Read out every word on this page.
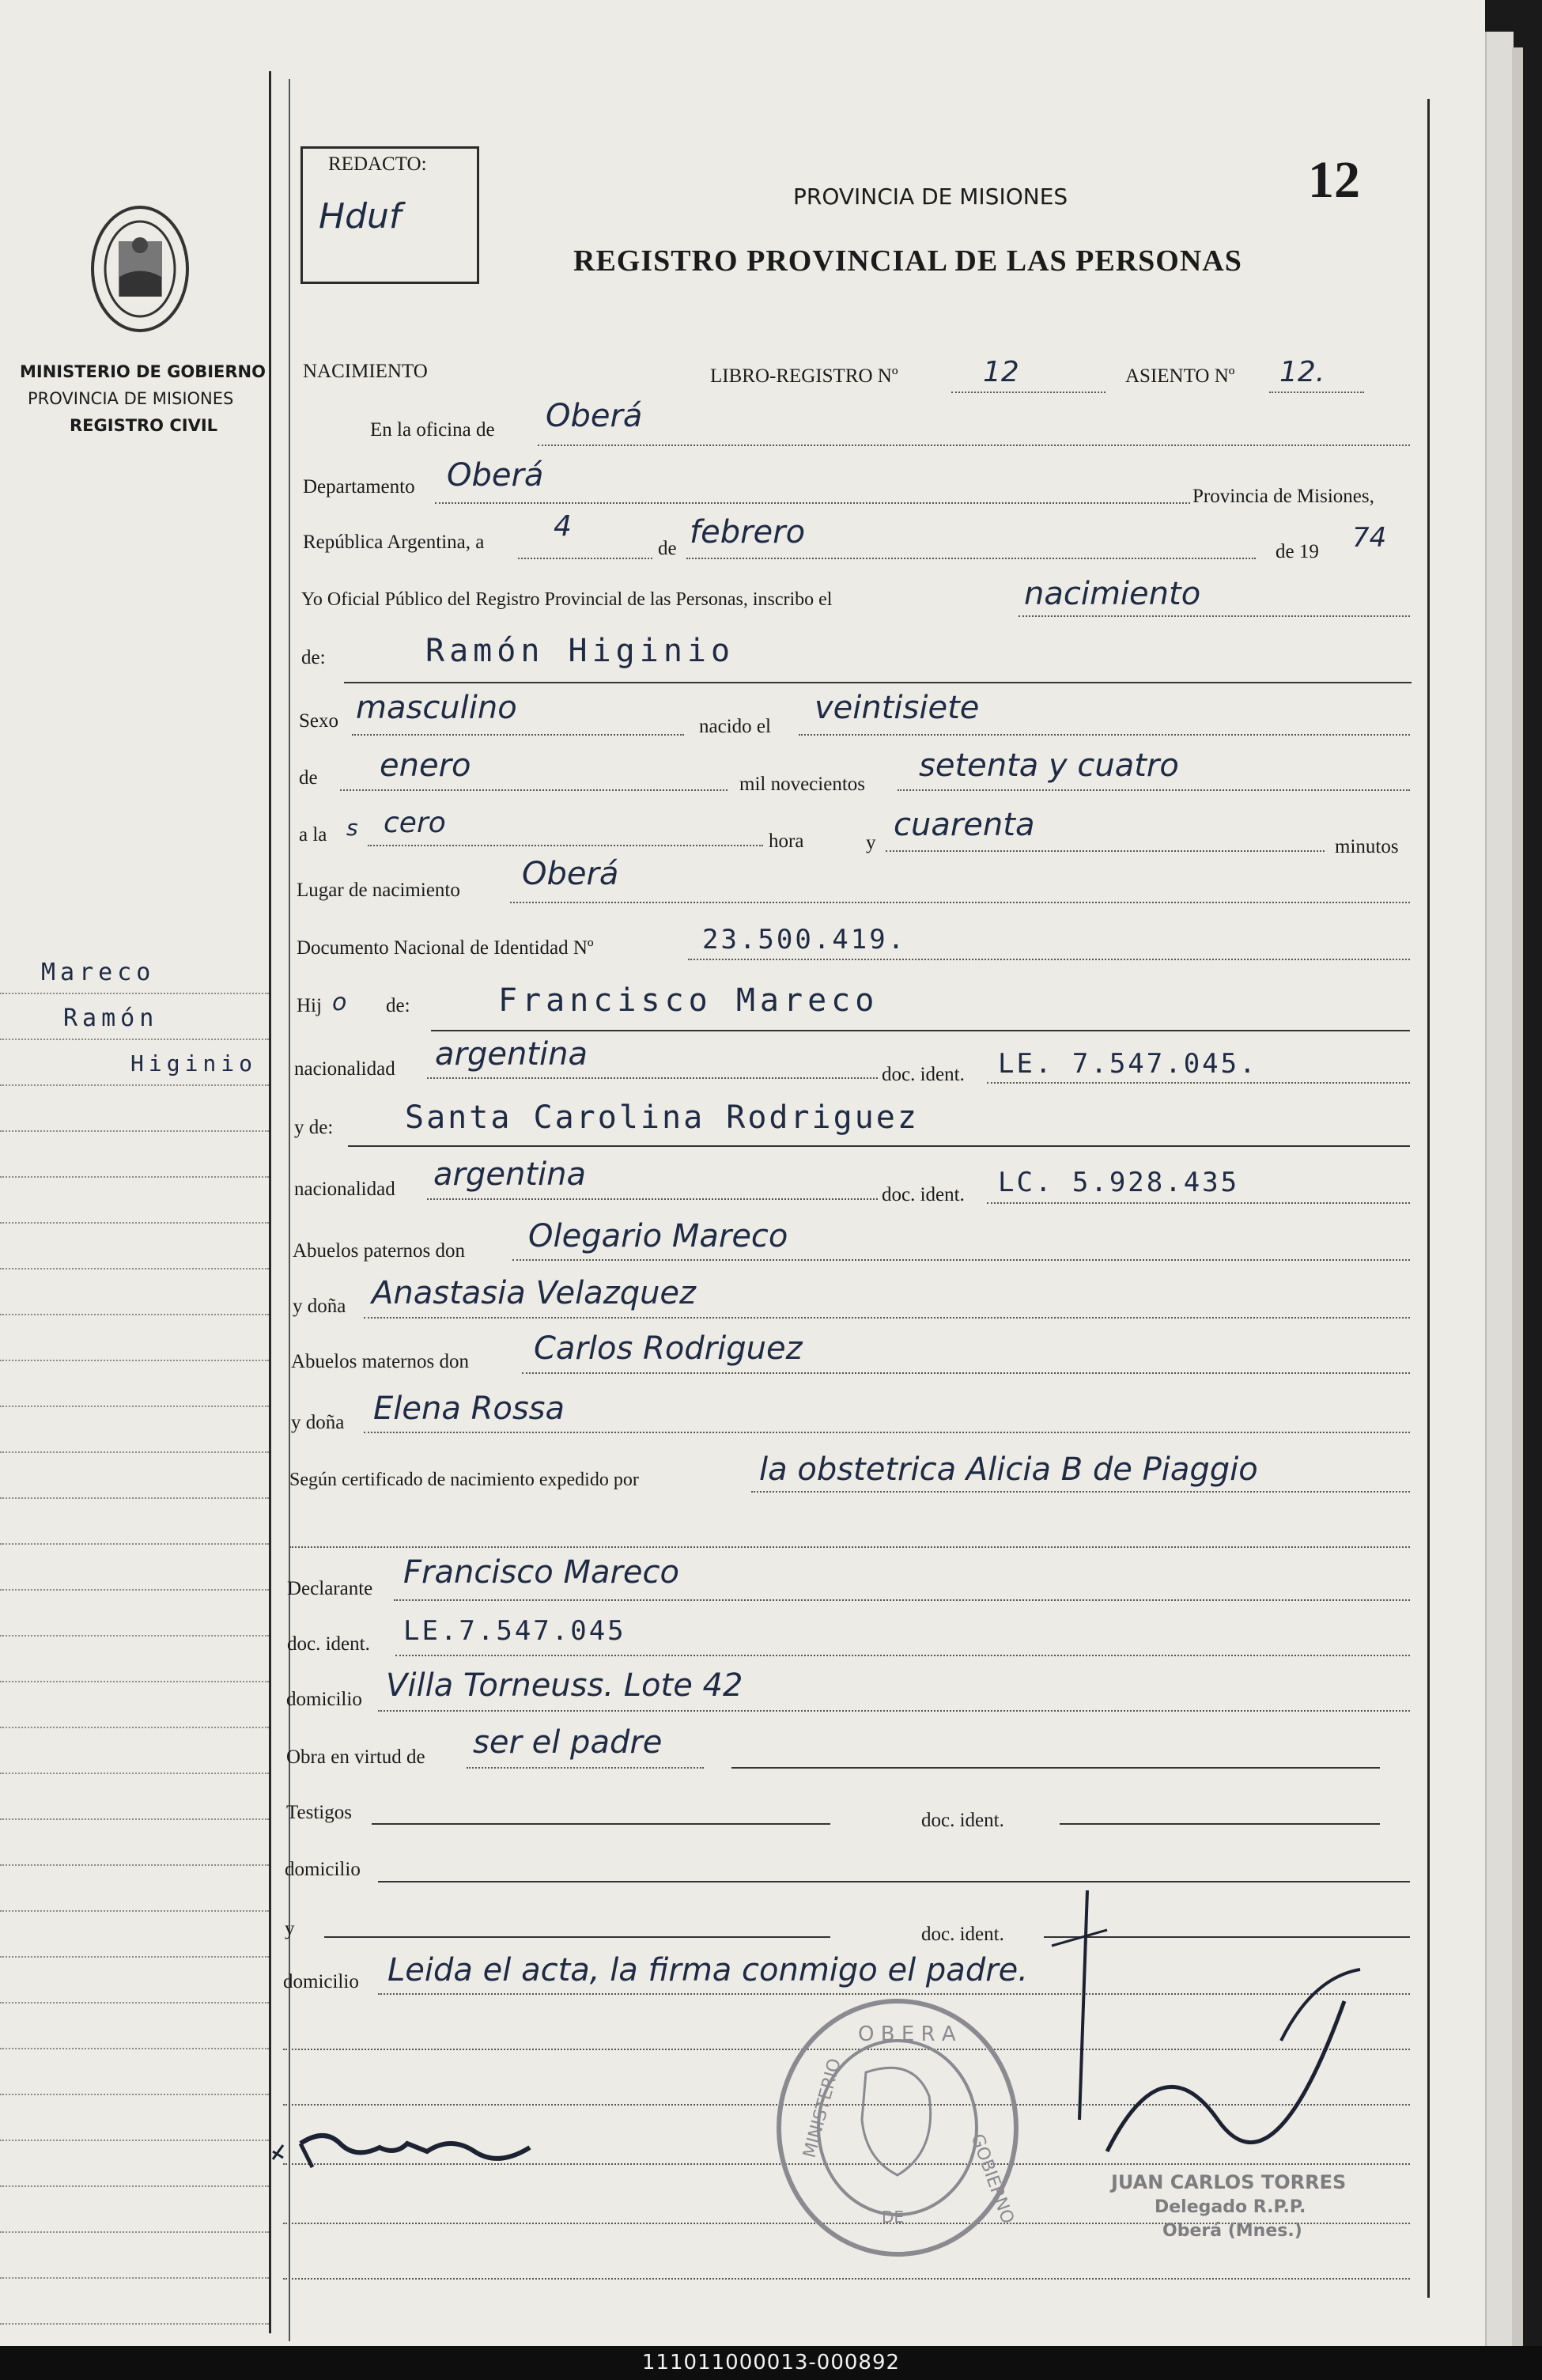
REDACTO:
Hduf
12
PROVINCIA DE MISIONES
REGISTRO PROVINCIAL DE LAS PERSONAS
MINISTERIO DE GOBIERNO
PROVINCIA DE MISIONES
REGISTRO CIVIL
Mareco
Ramón
Higinio
NACIMIENTO	LIBRO-REGISTRO Nº	12	ASIENTO Nº 12.
En la oficina de Oberá
Departamento Oberá
Provincia de Misiones,
República Argentina, a 4
de febrero
de 19 74
Yo Oficial Público del Registro Provincial de las Personas, inscribo el	nacimiento
de:	Ramón Higinio
Sexo masculino
nacido el
veintisiete
de enero
mil novecientos
setenta y cuatro
a la s cero
hora	y cuarenta
minutos
Lugar de nacimiento Oberá
Documento Nacional de Identidad Nº	23.500.419.
Hij o de:	Francisco Mareco
nacionalidad argentina
doc. ident. LE. 7.547.045.
y de: Santa Carolina Rodriguez
nacionalidad argentina
doc. ident. LC. 5.928.435
Abuelos paternos don Olegario Mareco
y doña Anastasia Velazquez
Abuelos maternos don Carlos Rodriguez
y doña Elena Rossa
Según certificado de nacimiento expedido por	la obstetrica Alicia B de Piaggio
Declarante Francisco Mareco
doc. ident. LE.7.547.045
domicilio Villa Torneuss. Lote 42
Obra en virtud de ser el padre
Testigos	doc. ident.
domicilio
y	doc. ident.
domicilio Leida el acta, la firma conmigo el padre.
O B E R A
MINISTERIO
GOBIERNO
DE
JUAN CARLOS TORRES
Delegado R.P.P.
Oberá (Mnes.)
111011000013-000892
